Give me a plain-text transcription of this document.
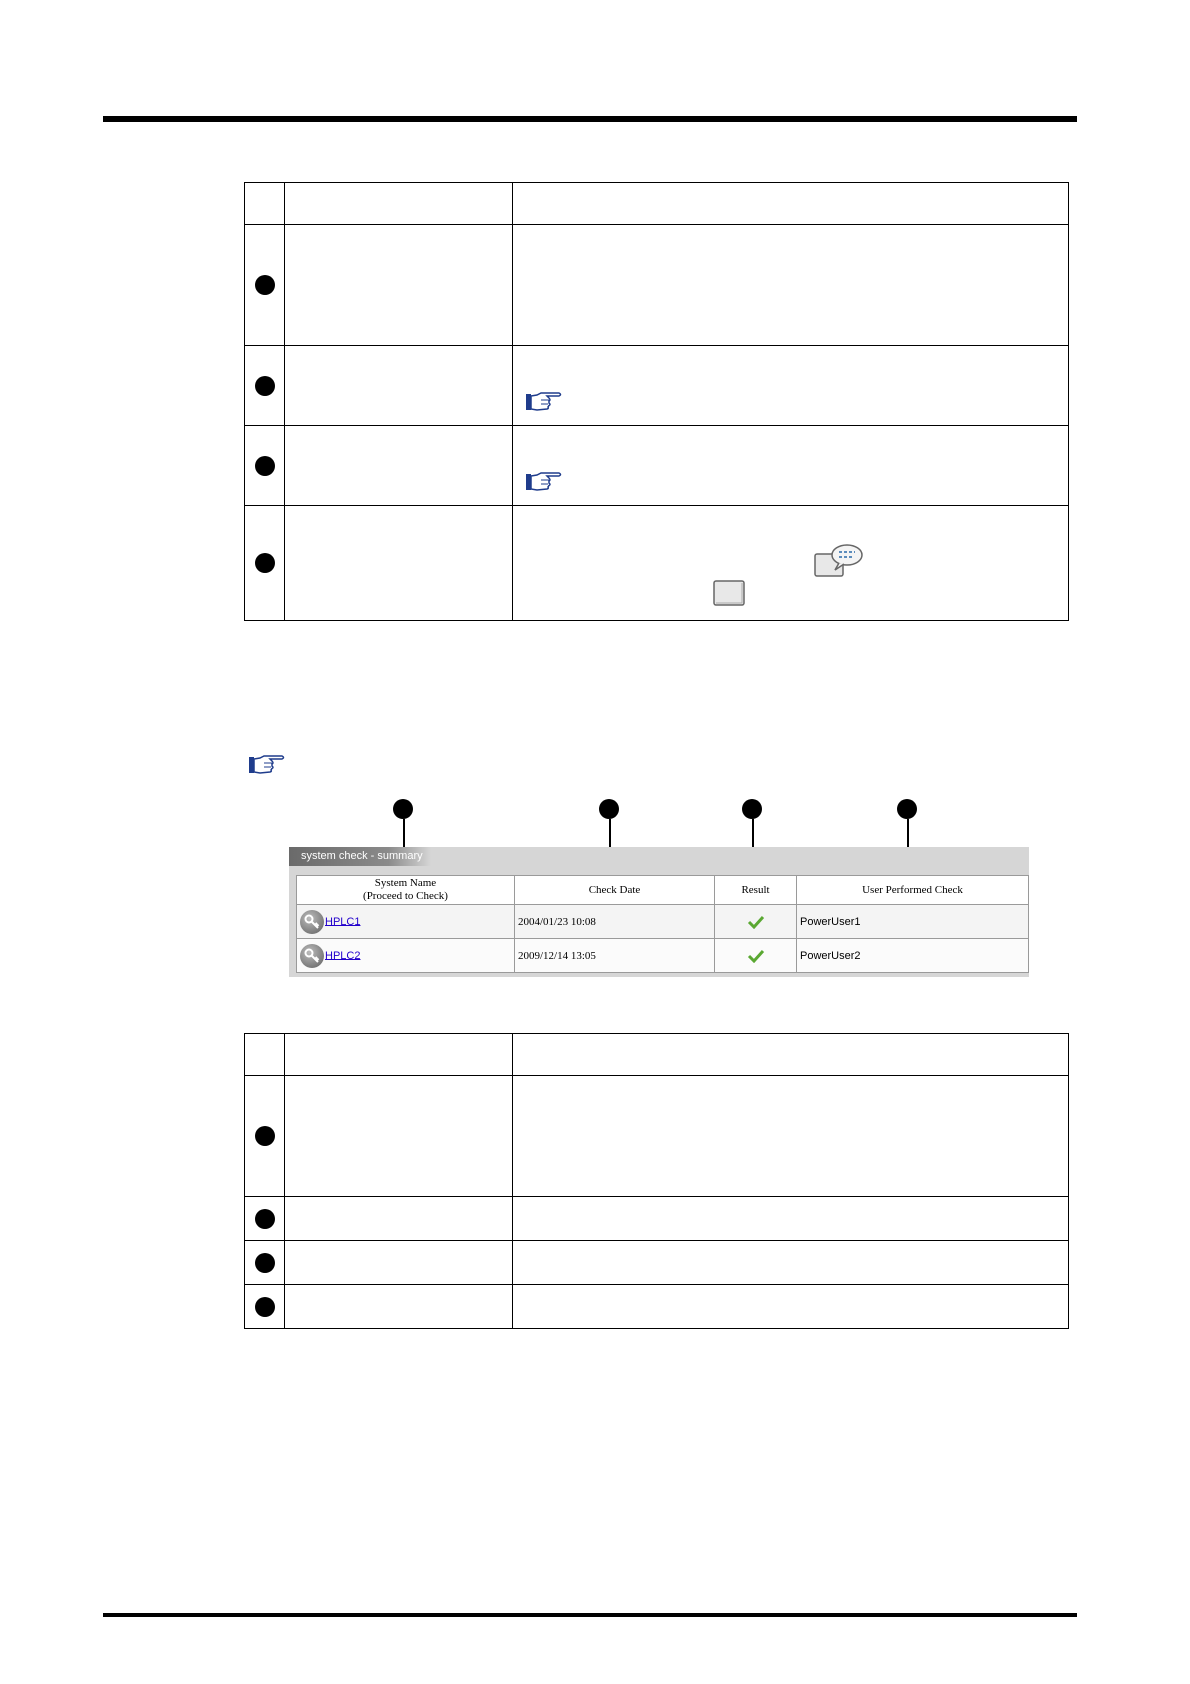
system check - summary
System Name
(Proceed to Check)	Check Date	Result	User Performed Check
HPLC1	2004/01/23 10:08		PowerUser1
HPLC2	2009/12/14 13:05		PowerUser2
